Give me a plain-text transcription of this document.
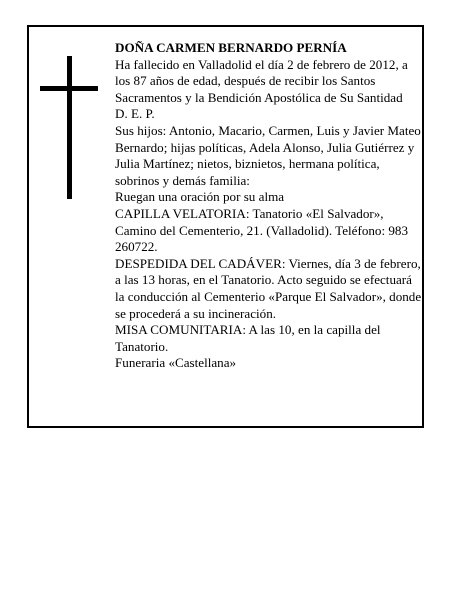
DOÑA CARMEN BERNARDO PERNÍA

Ha fallecido en Valladolid el día 2 de febrero de 2012, a los 87 años de edad, después de recibir los Santos Sacramentos y la Bendición Apostólica de Su Santidad

D. E. P.

Sus hijos: Antonio, Macario, Carmen, Luis y Javier Mateo Bernardo; hijas políticas, Adela Alonso, Julia Gutiérrez y Julia Martínez; nietos, biznietos, hermana política, sobrinos y demás familia:

Ruegan una oración por su alma

CAPILLA VELATORIA: Tanatorio «El Salvador», Camino del Cementerio, 21. (Valladolid). Teléfono: 983 260722.

DESPEDIDA DEL CADÁVER: Viernes, día 3 de febrero, a las 13 horas, en el Tanatorio. Acto seguido se efectuará la conducción al Cementerio «Parque El Salvador», donde se procederá a su incineración.

MISA COMUNITARIA: A las 10, en la capilla del Tanatorio.

Funeraria «Castellana»
